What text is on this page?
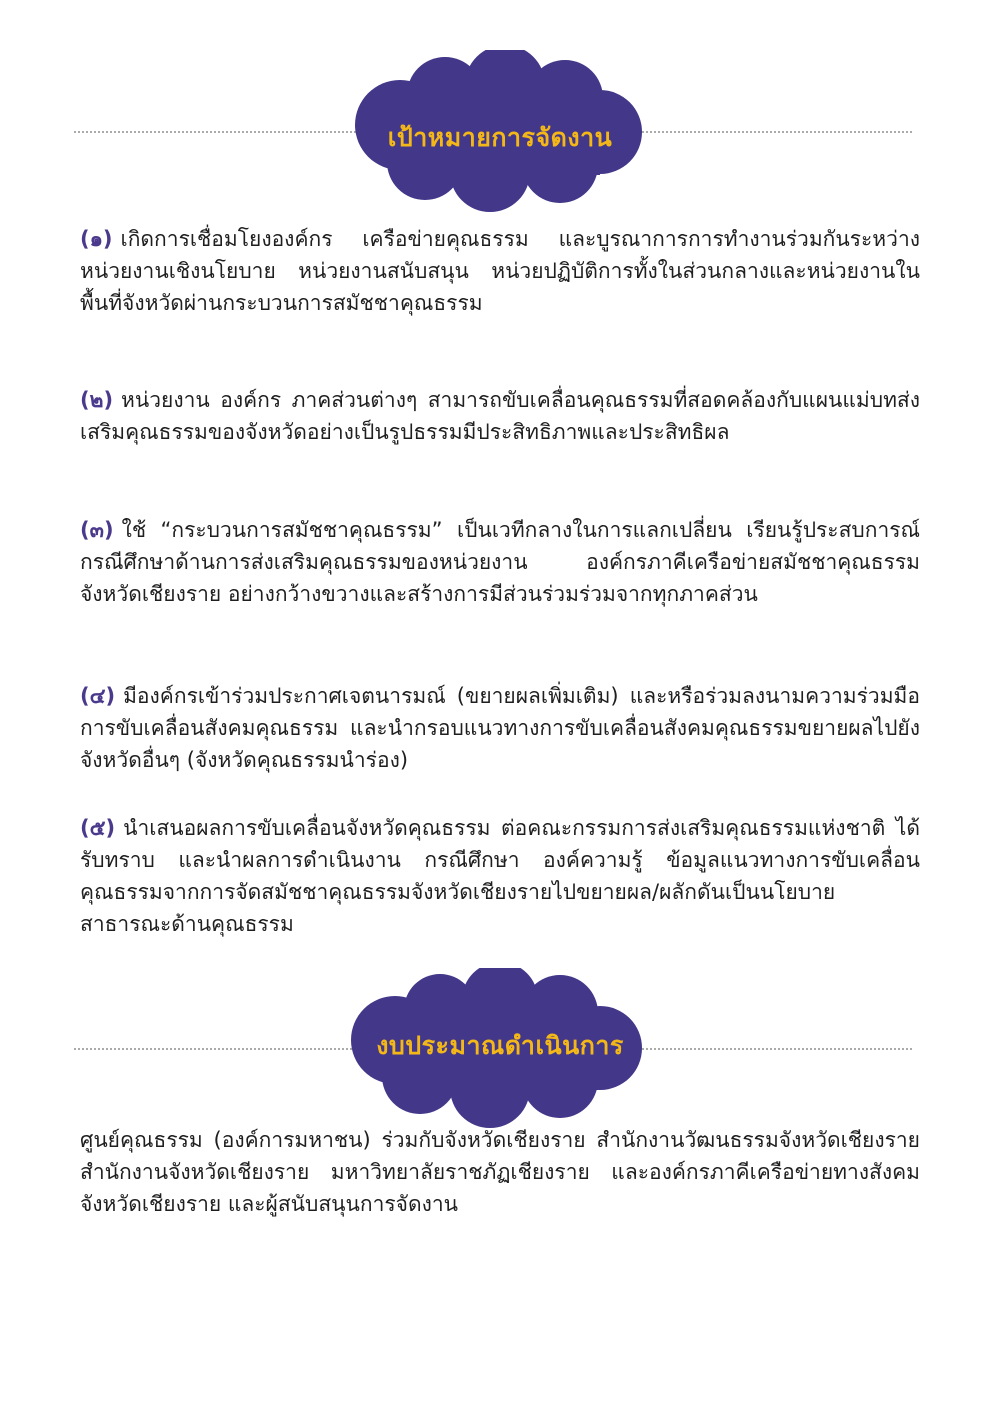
เป้าหมายการจัดงาน
(๑) เกิดการเชื่อมโยงองค์กร เครือข่ายคุณธรรม และบูรณาการการทำงานร่วมกันระหว่างหน่วยงานเชิงนโยบาย หน่วยงานสนับสนุน หน่วยปฏิบัติการทั้งในส่วนกลางและหน่วยงานในพื้นที่จังหวัดผ่านกระบวนการสมัชชาคุณธรรม
(๒) หน่วยงาน องค์กร ภาคส่วนต่างๆ สามารถขับเคลื่อนคุณธรรมที่สอดคล้องกับแผนแม่บทส่งเสริมคุณธรรมของจังหวัดอย่างเป็นรูปธรรมมีประสิทธิภาพและประสิทธิผล
(๓) ใช้ “กระบวนการสมัชชาคุณธรรม” เป็นเวทีกลางในการแลกเปลี่ยน เรียนรู้ประสบการณ์ กรณีศึกษาด้านการส่งเสริมคุณธรรมของหน่วยงาน องค์กรภาคีเครือข่ายสมัชชาคุณธรรมจังหวัดเชียงราย อย่างกว้างขวางและสร้างการมีส่วนร่วมร่วมจากทุกภาคส่วน
(๔) มีองค์กรเข้าร่วมประกาศเจตนารมณ์ (ขยายผลเพิ่มเติม) และหรือร่วมลงนามความร่วมมือการขับเคลื่อนสังคมคุณธรรม และนำกรอบแนวทางการขับเคลื่อนสังคมคุณธรรมขยายผลไปยังจังหวัดอื่นๆ (จังหวัดคุณธรรมนำร่อง)
(๕) นำเสนอผลการขับเคลื่อนจังหวัดคุณธรรม ต่อคณะกรรมการส่งเสริมคุณธรรมแห่งชาติ ได้รับทราบ และนำผลการดำเนินงาน กรณีศึกษา องค์ความรู้ ข้อมูลแนวทางการขับเคลื่อนคุณธรรมจากการจัดสมัชชาคุณธรรมจังหวัดเชียงรายไปขยายผล/ผลักดันเป็นนโยบายสาธารณะด้านคุณธรรม
งบประมาณดำเนินการ
ศูนย์คุณธรรม (องค์การมหาชน) ร่วมกับจังหวัดเชียงราย สำนักงานวัฒนธรรมจังหวัดเชียงราย สำนักงานจังหวัดเชียงราย มหาวิทยาลัยราชภัฏเชียงราย และองค์กรภาคีเครือข่ายทางสังคมจังหวัดเชียงราย และผู้สนับสนุนการจัดงาน
